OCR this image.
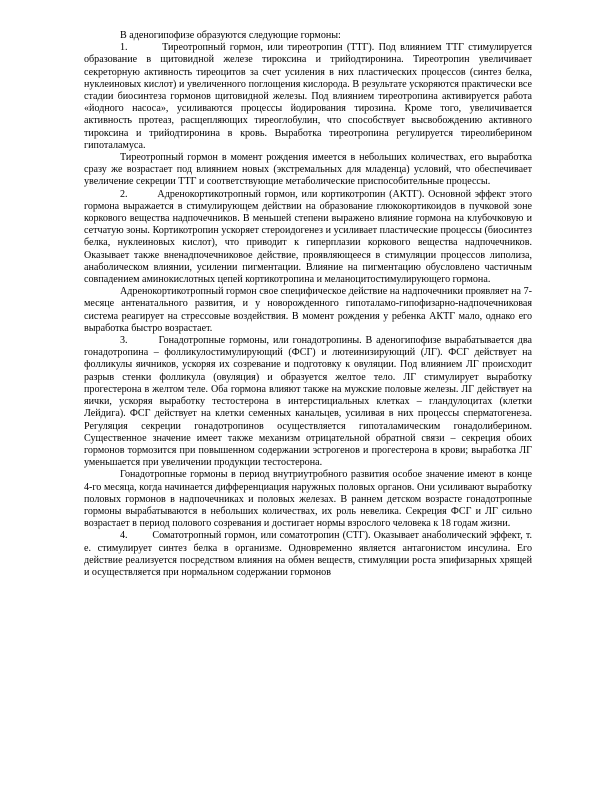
В аденогипофизе образуются следующие гормоны:

1.        Тиреотропный гормон, или тиреотропин (ТТГ). Под влиянием ТТГ стимулируется образование в щитовидной железе тироксина и трийодтиронина. Тиреотропин увеличивает секреторную активность тиреоцитов за счет усиления в них пластических процессов (синтез белка, нуклеиновых кислот) и увеличенного поглощения кислорода. В результате ускоряются практически все стадии биосинтеза гормонов щитовидной железы. Под влиянием тиреотропина активируется работа «йодного насоса», усиливаются процессы йодирования тирозина. Кроме того, увеличивается активность протеаз, расщепляющих тиреоглобулин, что способствует высвобождению активного тироксина и трийодтиронина в кровь. Выработка тиреотропина регулируется тиреолиберином гипоталамуса.

Тиреотропный гормон в момент рождения имеется в небольших количествах, его выработка сразу же возрастает под влиянием новых (экстремальных для младенца) условий, что обеспечивает увеличение секреции ТТГ и соответствующие метаболические приспособительные процессы.

2.        Адренокортикотропный гормон, или кортикотропин (АКТГ). Основной эффект этого гормона выражается в стимулирующем действии на образование глюкокортикоидов в пучковой зоне коркового вещества надпочечников. В меньшей степени выражено влияние гормона на клубочковую и сетчатую зоны. Кортикотропин ускоряет стероидогенез и усиливает пластические процессы (биосинтез белка, нуклеиновых кислот), что приводит к гиперплазии коркового вещества надпочечников. Оказывает также вненадпочечниковое действие, проявляющееся в стимуляции процессов липолиза, анаболическом влиянии, усилении пигментации. Влияние на пигментацию обусловлено частичным совпадением аминокислотных цепей кортикотропина и меланоцитостимулирующего гормона.

Адренокортикотропный гормон свое специфическое действие на надпочечники проявляет на 7-месяце антенатального развития, и у новорожденного гипоталамо-гипофизарно-надпочечниковая система реагирует на стрессовые воздействия. В момент рождения у ребенка АКТГ мало, однако его выработка быстро возрастает.

3.        Гонадотропные гормоны, или гонадотропины. В аденогипофизе вырабатывается два гонадотропина – фолликулостимулирующий (ФСГ) и лютеинизирующий (ЛГ). ФСГ действует на фолликулы яичников, ускоряя их созревание и подготовку к овуляции. Под влиянием ЛГ происходит разрыв стенки фолликула (овуляция) и образуется желтое тело. ЛГ стимулирует выработку прогестерона в желтом теле. Оба гормона влияют также на мужские половые железы. ЛГ действует на яички, ускоряя выработку тестостерона в интерстициальных клетках – гландулоцитах (клетки Лейдига). ФСГ действует на клетки семенных канальцев, усиливая в них процессы сперматогенеза. Регуляция секреции гонадотропинов осуществляется гипоталамическим гонадолиберином. Существенное значение имеет также механизм отрицательной обратной связи – секреция обоих гормонов тормозится при повышенном содержании эстрогенов и прогестерона в крови; выработка ЛГ уменьшается при увеличении продукции тестостерона.

Гонадотропные гормоны в период внутриутробного развития особое значение имеют в конце 4-го месяца, когда начинается дифференциация наружных половых органов. Они усиливают выработку половых гормонов в надпочечниках и половых железах. В раннем детском возрасте гонадотропные гормоны вырабатываются в небольших количествах, их роль невелика. Секреция ФСГ и ЛГ сильно возрастает в период полового созревания и достигает нормы взрослого человека к 18 годам жизни.

4.        Соматотропный гормон, или соматотропин (СТГ). Оказывает анаболический эффект, т. е. стимулирует синтез белка в организме. Одновременно является антагонистом инсулина. Его действие реализуется посредством влияния на обмен веществ, стимуляции роста эпифизарных хрящей и осуществляется при нормальном содержании гормонов
